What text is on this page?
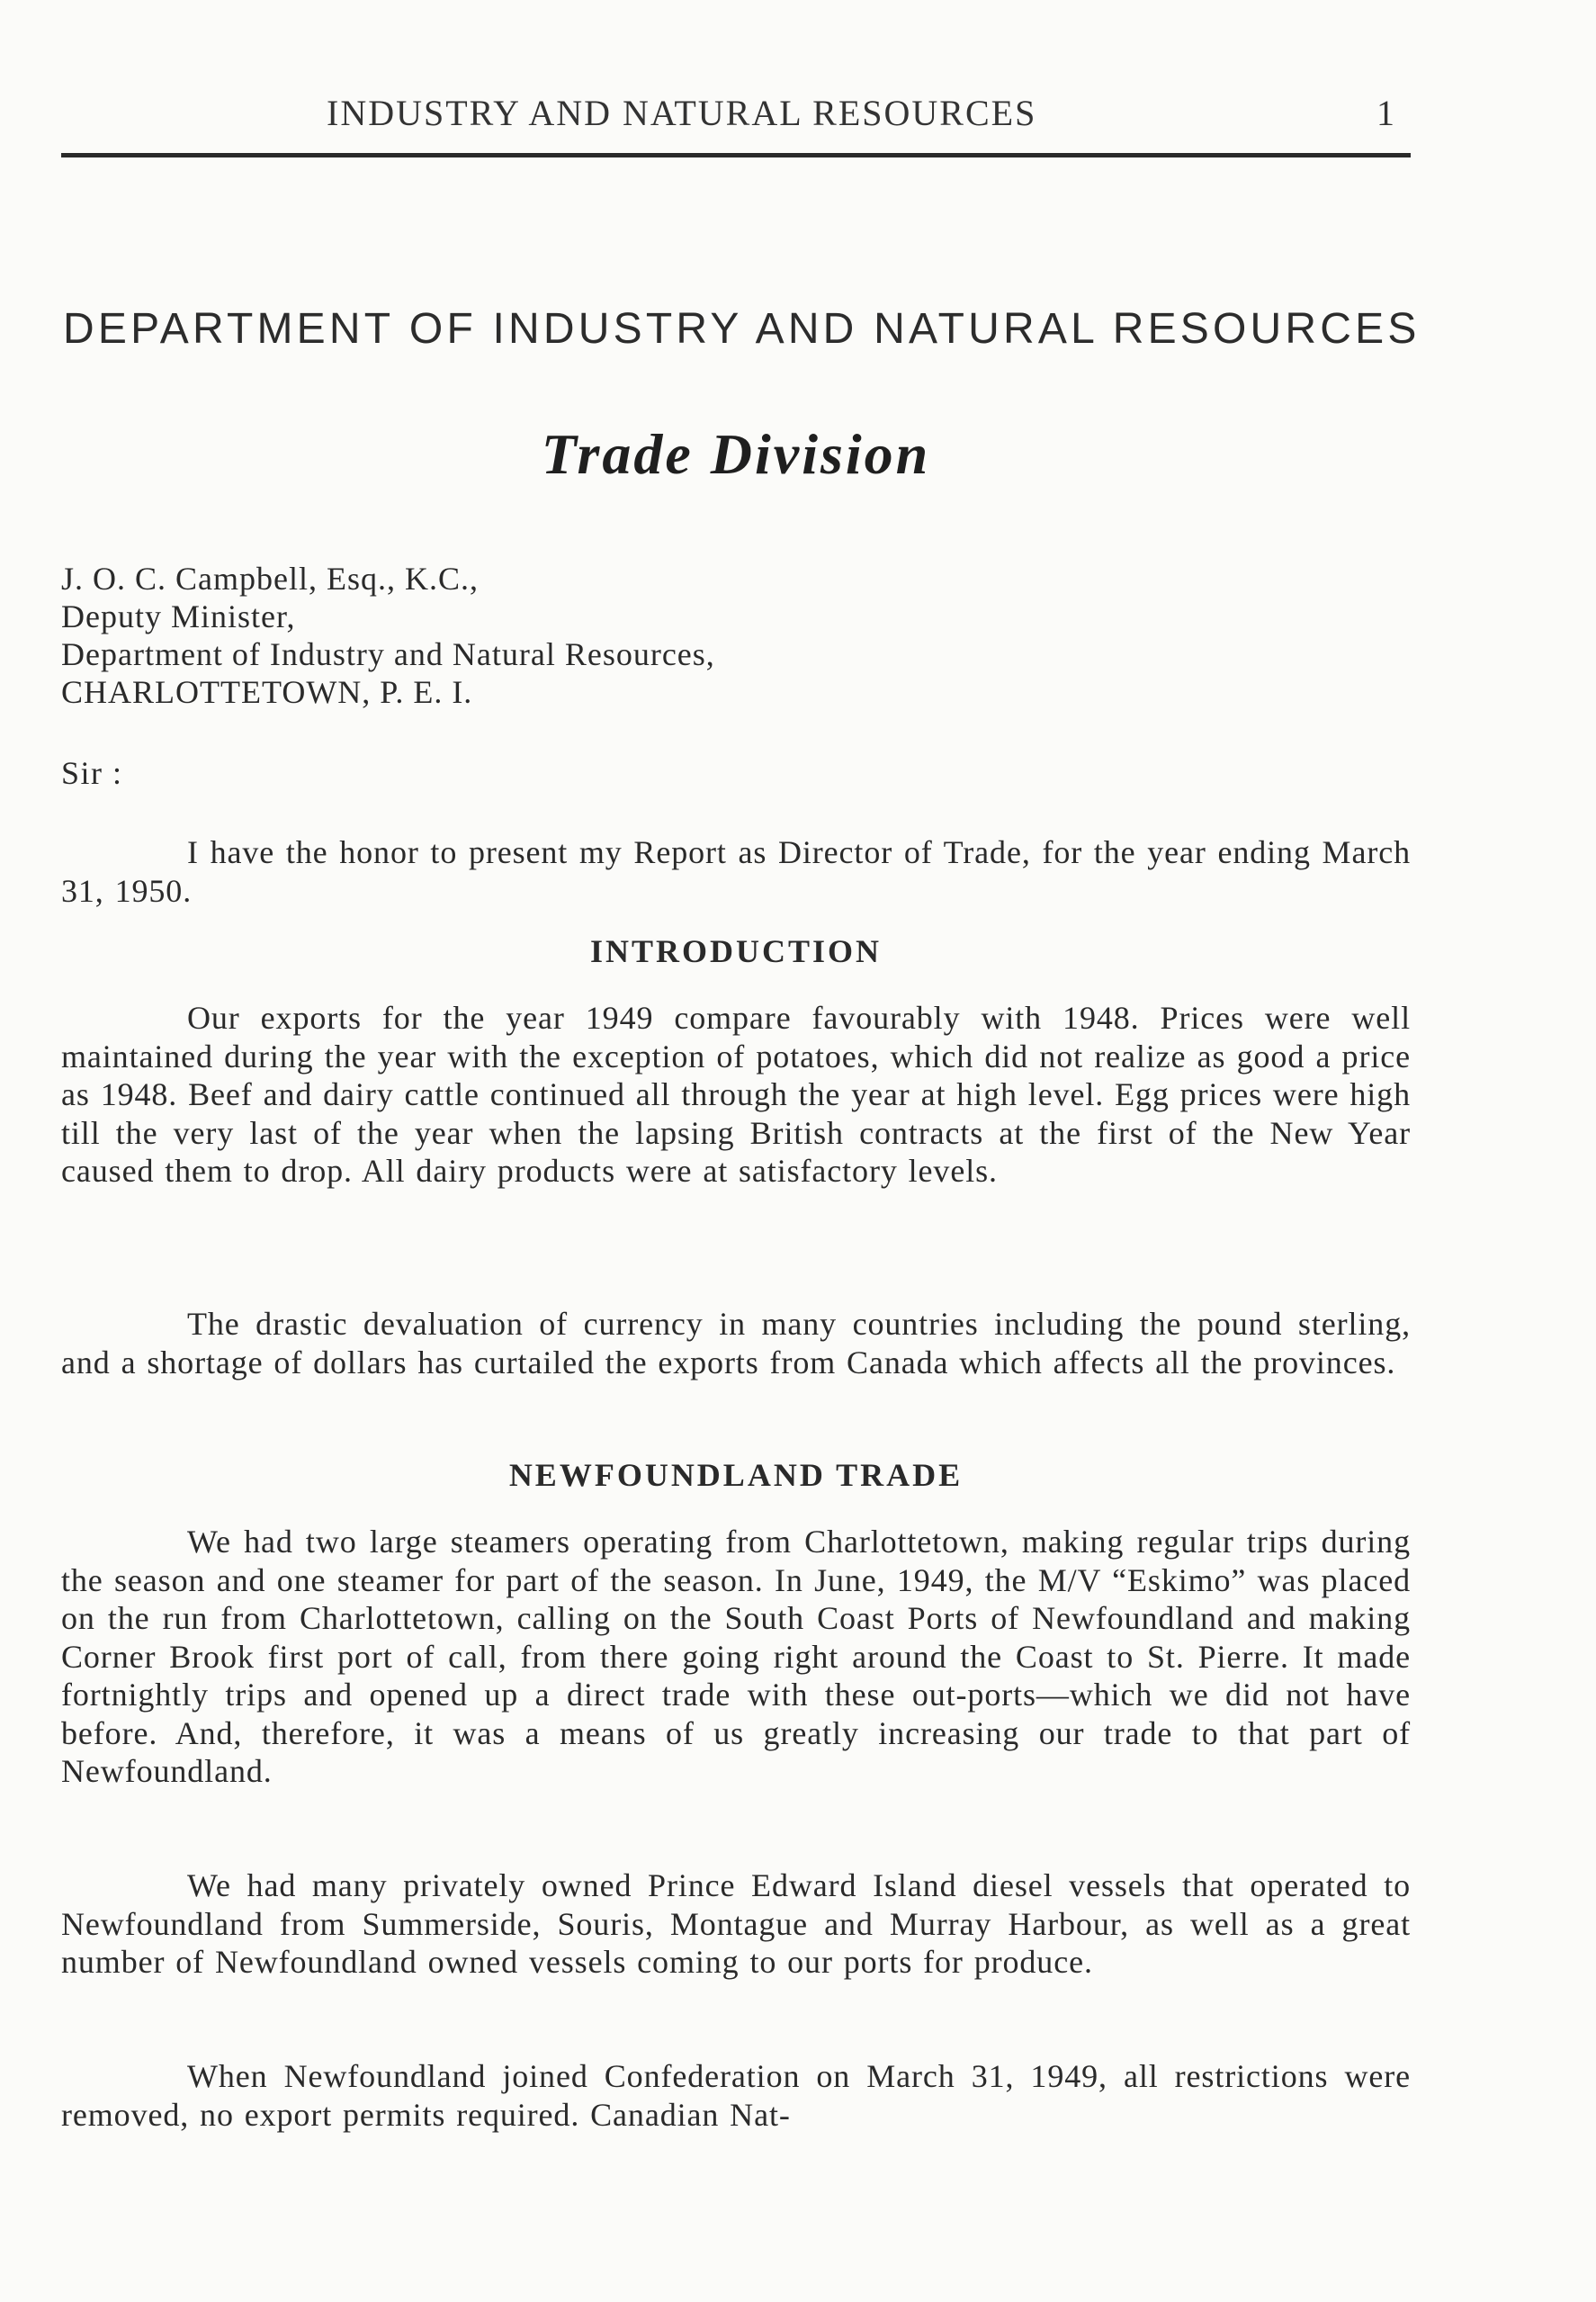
INDUSTRY AND NATURAL RESOURCES	1
DEPARTMENT OF INDUSTRY AND NATURAL RESOURCES
Trade Division
J. O. C. Campbell, Esq., K.C.,
Deputy Minister,
Department of Industry and Natural Resources,
CHARLOTTETOWN, P. E. I.
Sir :

I have the honor to present my Report as Director of Trade, for the year ending March 31, 1950.

INTRODUCTION

Our exports for the year 1949 compare favourably with 1948. Prices were well maintained during the year with the exception of potatoes, which did not realize as good a price as 1948. Beef and dairy cattle continued all through the year at high level. Egg prices were high till the very last of the year when the lapsing British contracts at the first of the New Year caused them to drop. All dairy products were at satisfactory levels.

The drastic devaluation of currency in many countries including the pound sterling, and a shortage of dollars has curtailed the exports from Canada which affects all the provinces.

NEWFOUNDLAND TRADE

We had two large steamers operating from Charlottetown, making regular trips during the season and one steamer for part of the season. In June, 1949, the M/V “Eskimo” was placed on the run from Charlottetown, calling on the South Coast Ports of Newfoundland and making Corner Brook first port of call, from there going right around the Coast to St. Pierre. It made fortnightly trips and opened up a direct trade with these out-ports—which we did not have before. And, therefore, it was a means of us greatly increasing our trade to that part of Newfoundland.

We had many privately owned Prince Edward Island diesel vessels that operated to Newfoundland from Summerside, Souris, Montague and Murray Harbour, as well as a great number of Newfoundland owned vessels coming to our ports for produce.

When Newfoundland joined Confederation on March 31, 1949, all restrictions were removed, no export permits required. Canadian Nat-
